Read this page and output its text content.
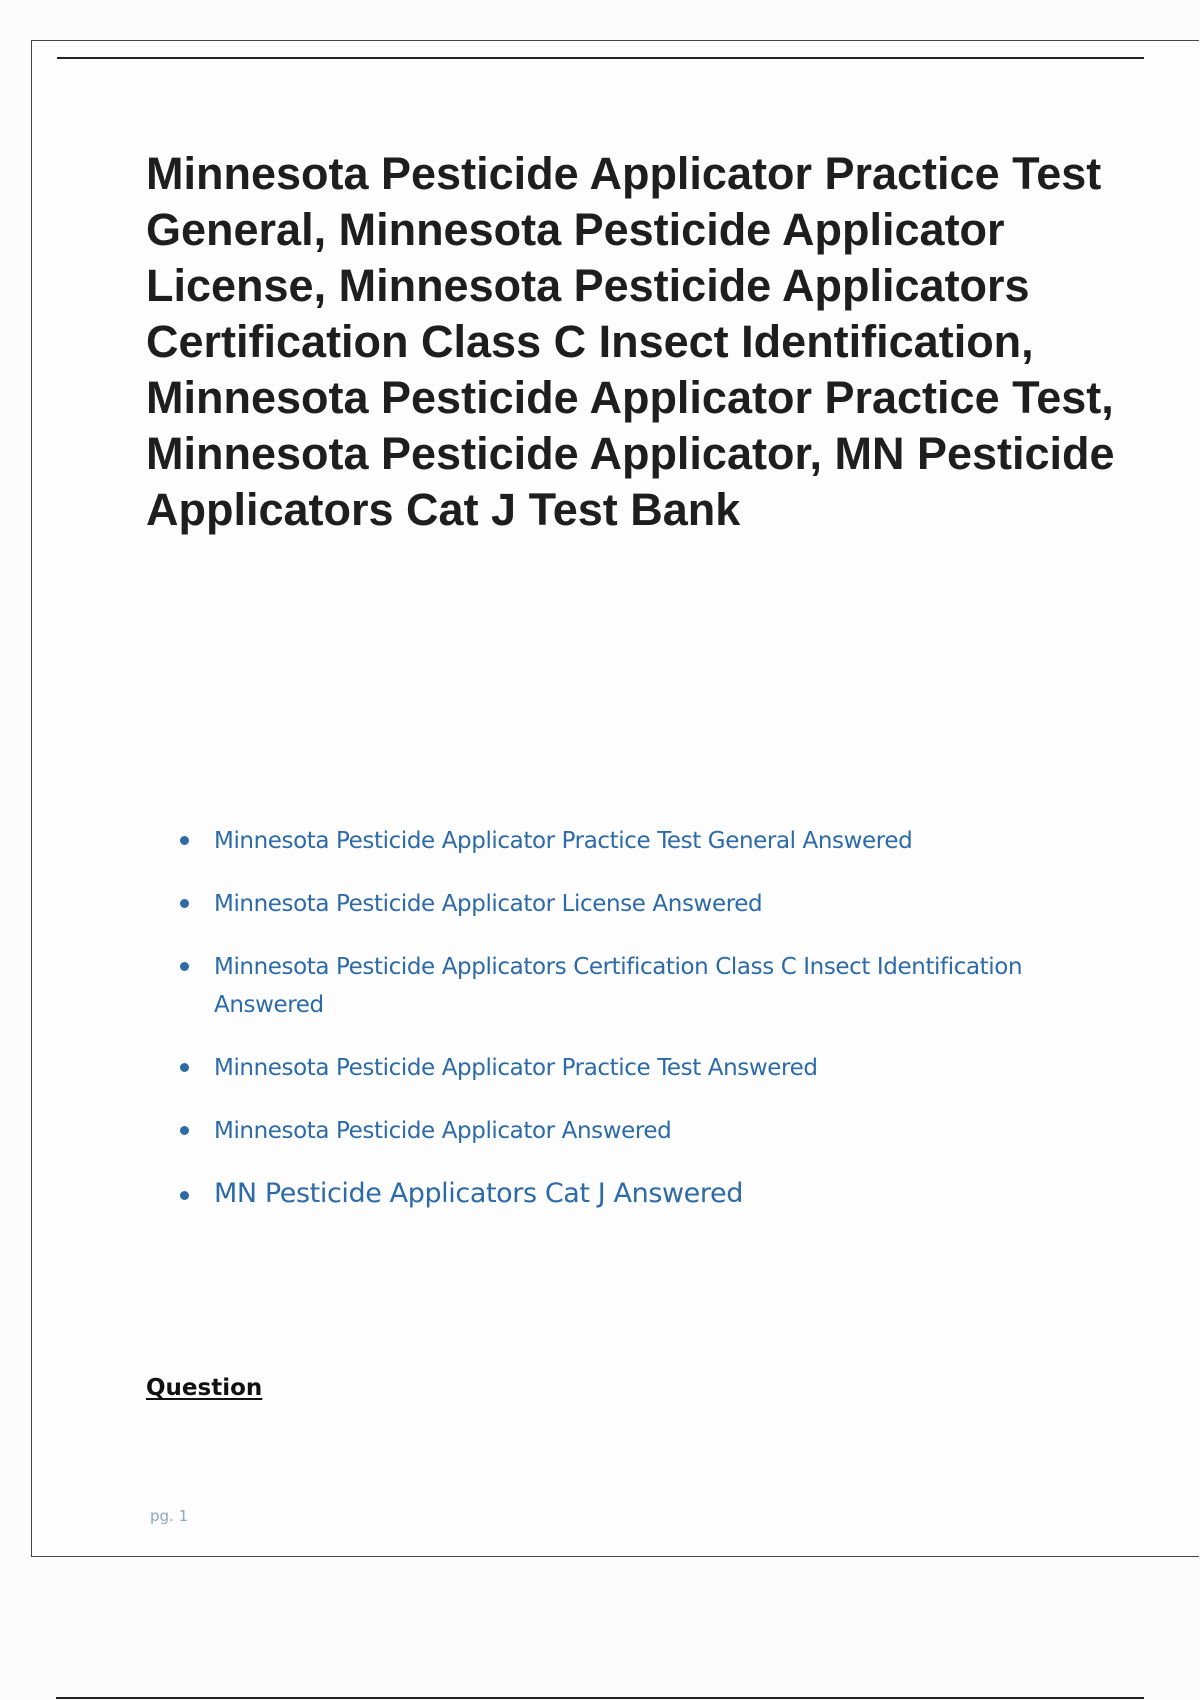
Minnesota Pesticide Applicator Practice Test General, Minnesota Pesticide Applicator License, Minnesota Pesticide Applicators Certification Class C Insect Identification, Minnesota Pesticide Applicator Practice Test, Minnesota Pesticide Applicator, MN Pesticide Applicators Cat J Test Bank
Minnesota Pesticide Applicator Practice Test General Answered
Minnesota Pesticide Applicator License Answered
Minnesota Pesticide Applicators Certification Class C Insect Identification Answered
Minnesota Pesticide Applicator Practice Test Answered
Minnesota Pesticide Applicator Answered
MN Pesticide Applicators Cat J Answered
Question
pg. 1
